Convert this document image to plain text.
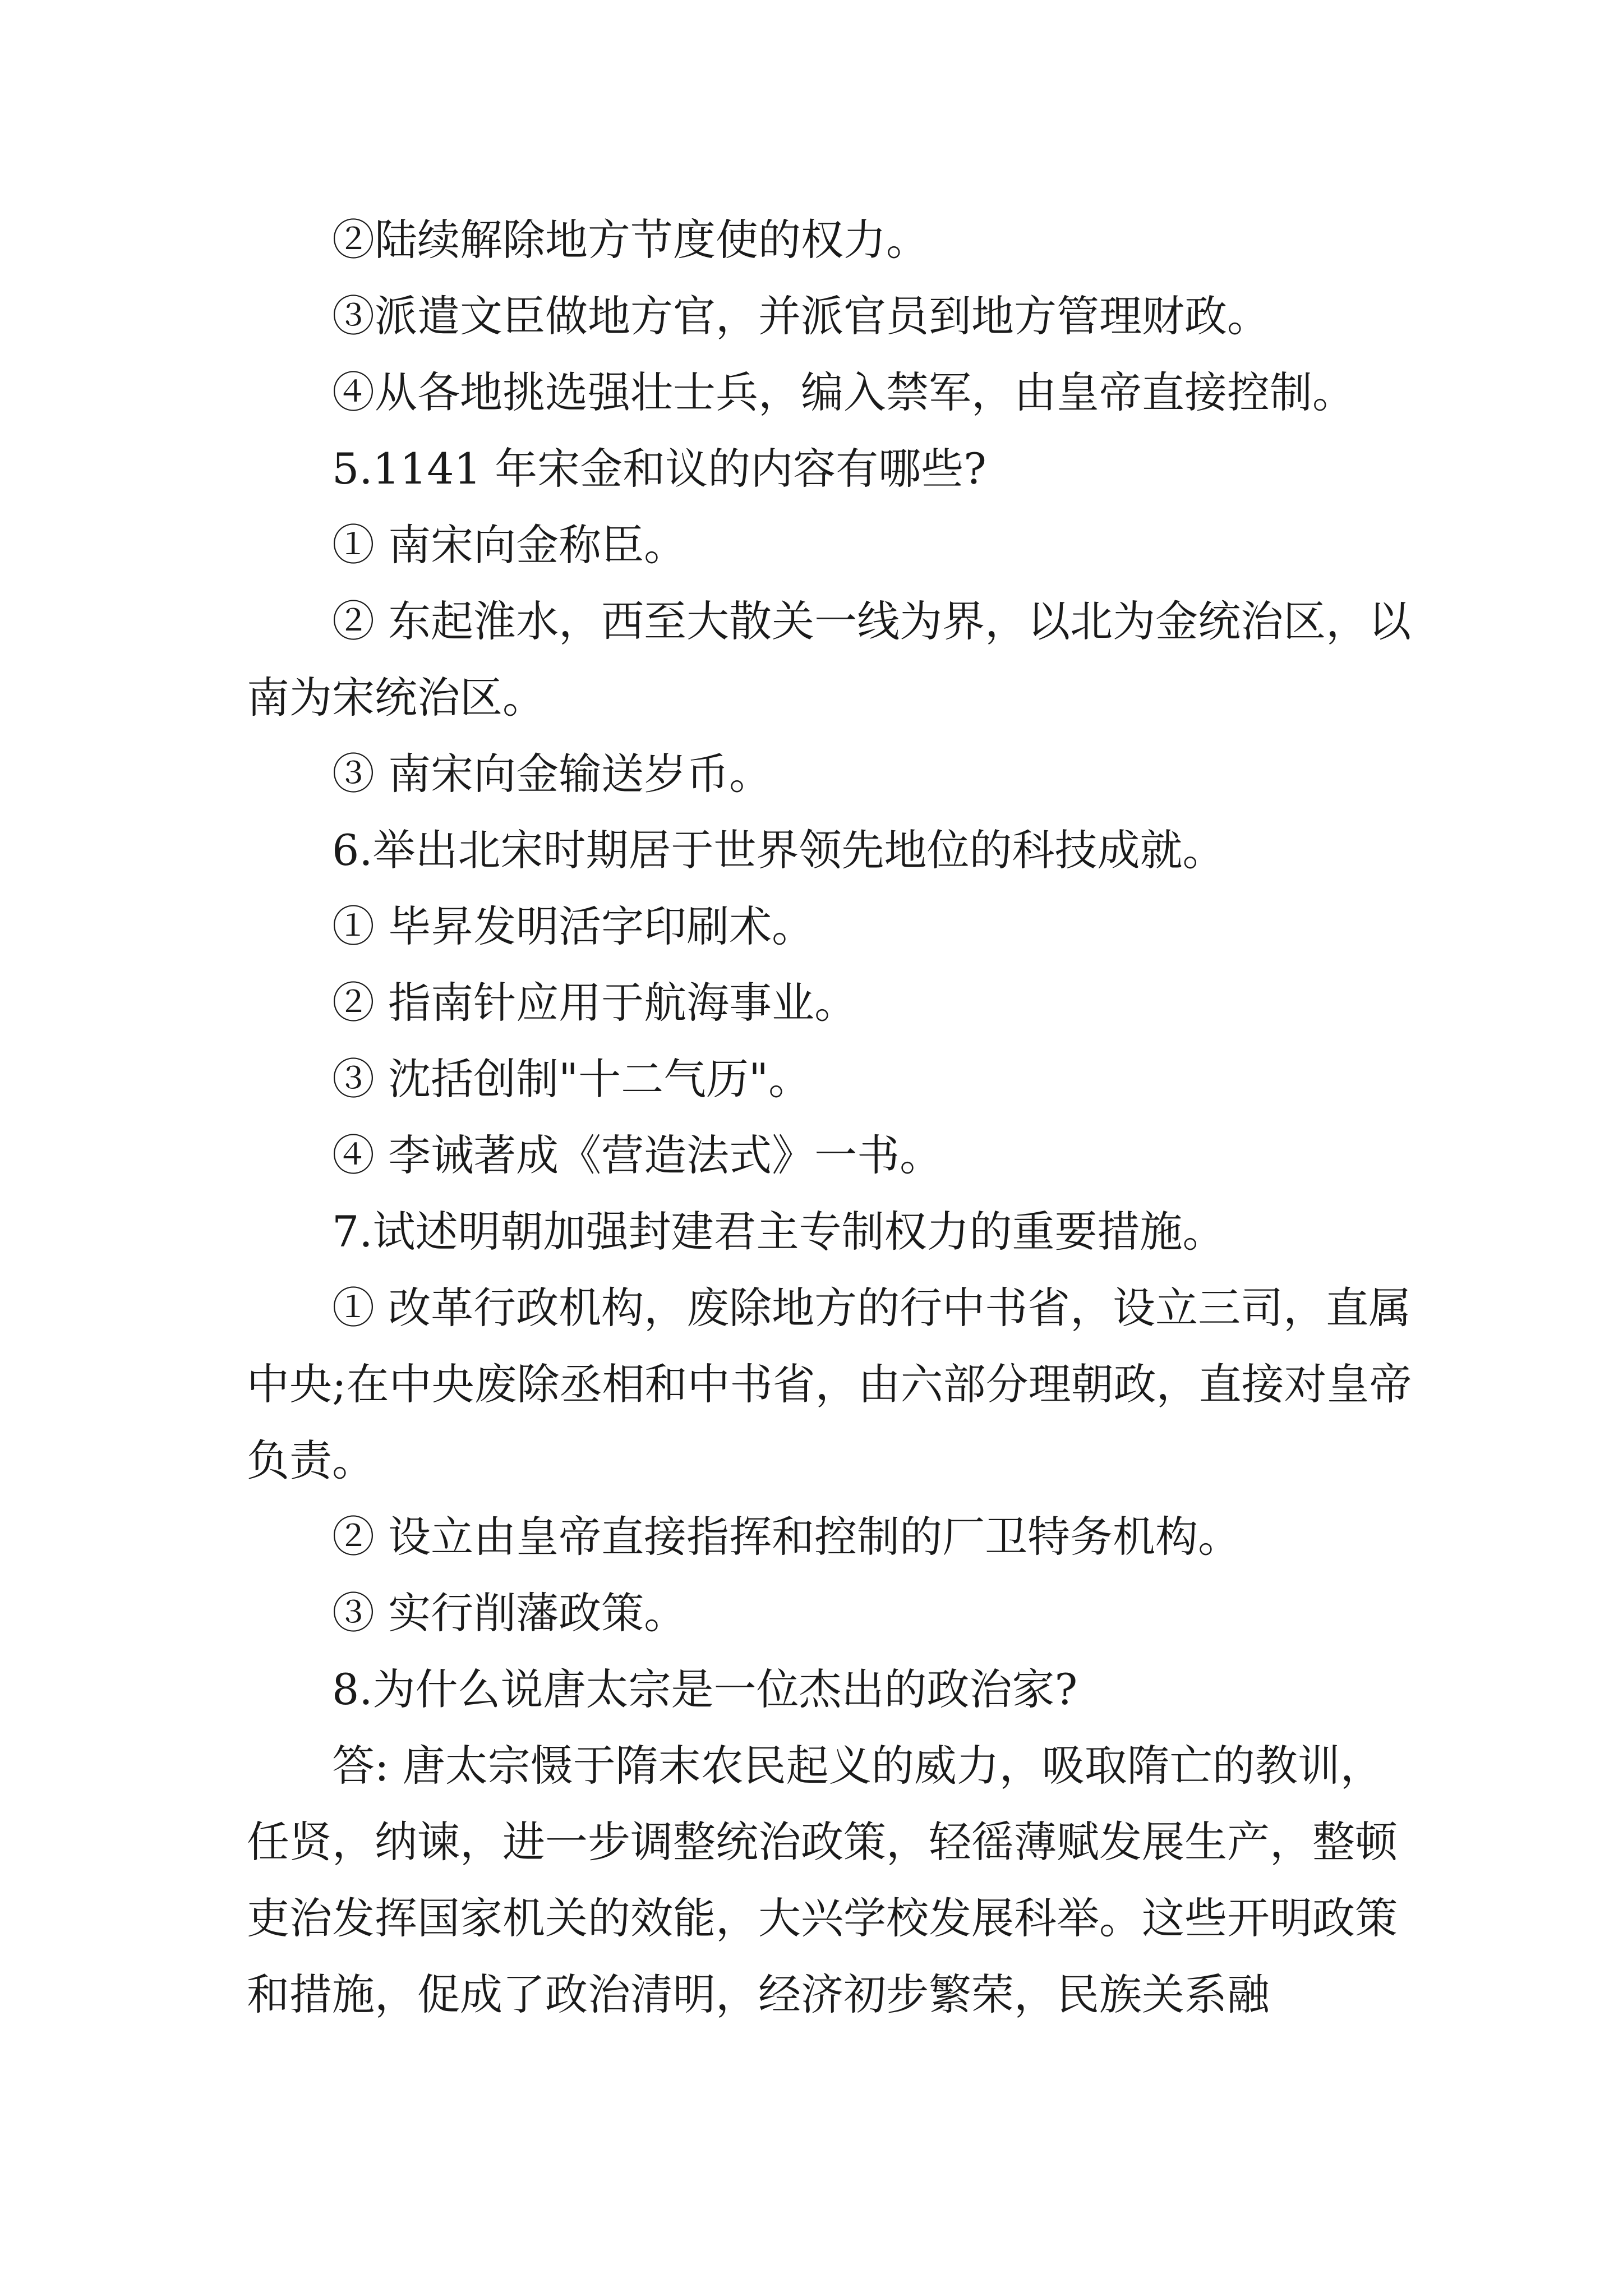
②陆续解除地方节度使的权力。

③派遣文臣做地方官，并派官员到地方管理财政。

④从各地挑选强壮士兵，编入禁军，由皇帝直接控制。

5.1141 年宋金和议的内容有哪些?

① 南宋向金称臣。

② 东起淮水，西至大散关一线为界，以北为金统治区，以南为宋统治区。

③ 南宋向金输送岁币。

6.举出北宋时期居于世界领先地位的科技成就。

① 毕昇发明活字印刷术。

② 指南针应用于航海事业。

③ 沈括创制"十二气历"。

④ 李诫著成《营造法式》一书。

7.试述明朝加强封建君主专制权力的重要措施。

① 改革行政机构，废除地方的行中书省，设立三司，直属中央;在中央废除丞相和中书省，由六部分理朝政，直接对皇帝负责。

② 设立由皇帝直接指挥和控制的厂卫特务机构。

③ 实行削藩政策。

8.为什么说唐太宗是一位杰出的政治家?

答: 唐太宗慑于隋末农民起义的威力，吸取隋亡的教训，任贤，纳谏，进一步调整统治政策，轻徭薄赋发展生产，整顿吏治发挥国家机关的效能，大兴学校发展科举。这些开明政策和措施，促成了政治清明，经济初步繁荣，民族关系融
